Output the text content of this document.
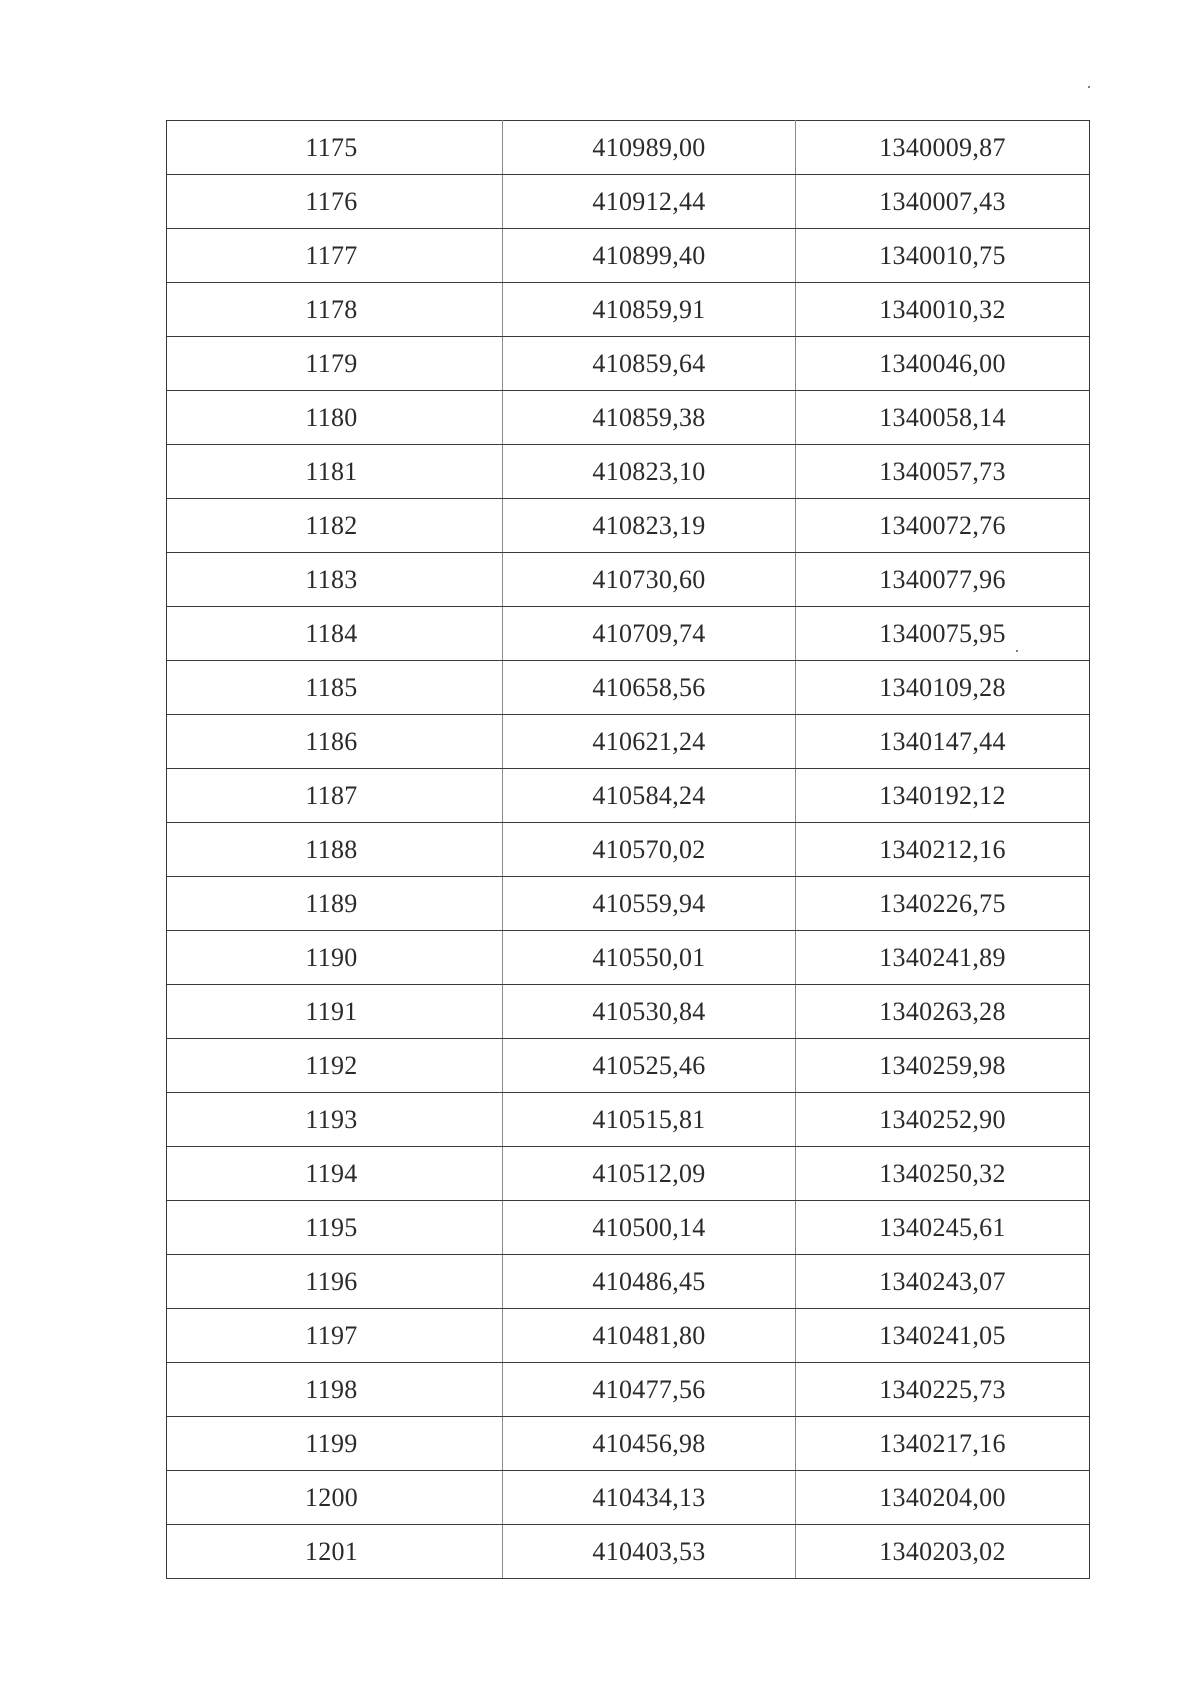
1175	410989,00	1340009,87
1176	410912,44	1340007,43
1177	410899,40	1340010,75
1178	410859,91	1340010,32
1179	410859,64	1340046,00
1180	410859,38	1340058,14
1181	410823,10	1340057,73
1182	410823,19	1340072,76
1183	410730,60	1340077,96
1184	410709,74	1340075,95
1185	410658,56	1340109,28
1186	410621,24	1340147,44
1187	410584,24	1340192,12
1188	410570,02	1340212,16
1189	410559,94	1340226,75
1190	410550,01	1340241,89
1191	410530,84	1340263,28
1192	410525,46	1340259,98
1193	410515,81	1340252,90
1194	410512,09	1340250,32
1195	410500,14	1340245,61
1196	410486,45	1340243,07
1197	410481,80	1340241,05
1198	410477,56	1340225,73
1199	410456,98	1340217,16
1200	410434,13	1340204,00
1201	410403,53	1340203,02
